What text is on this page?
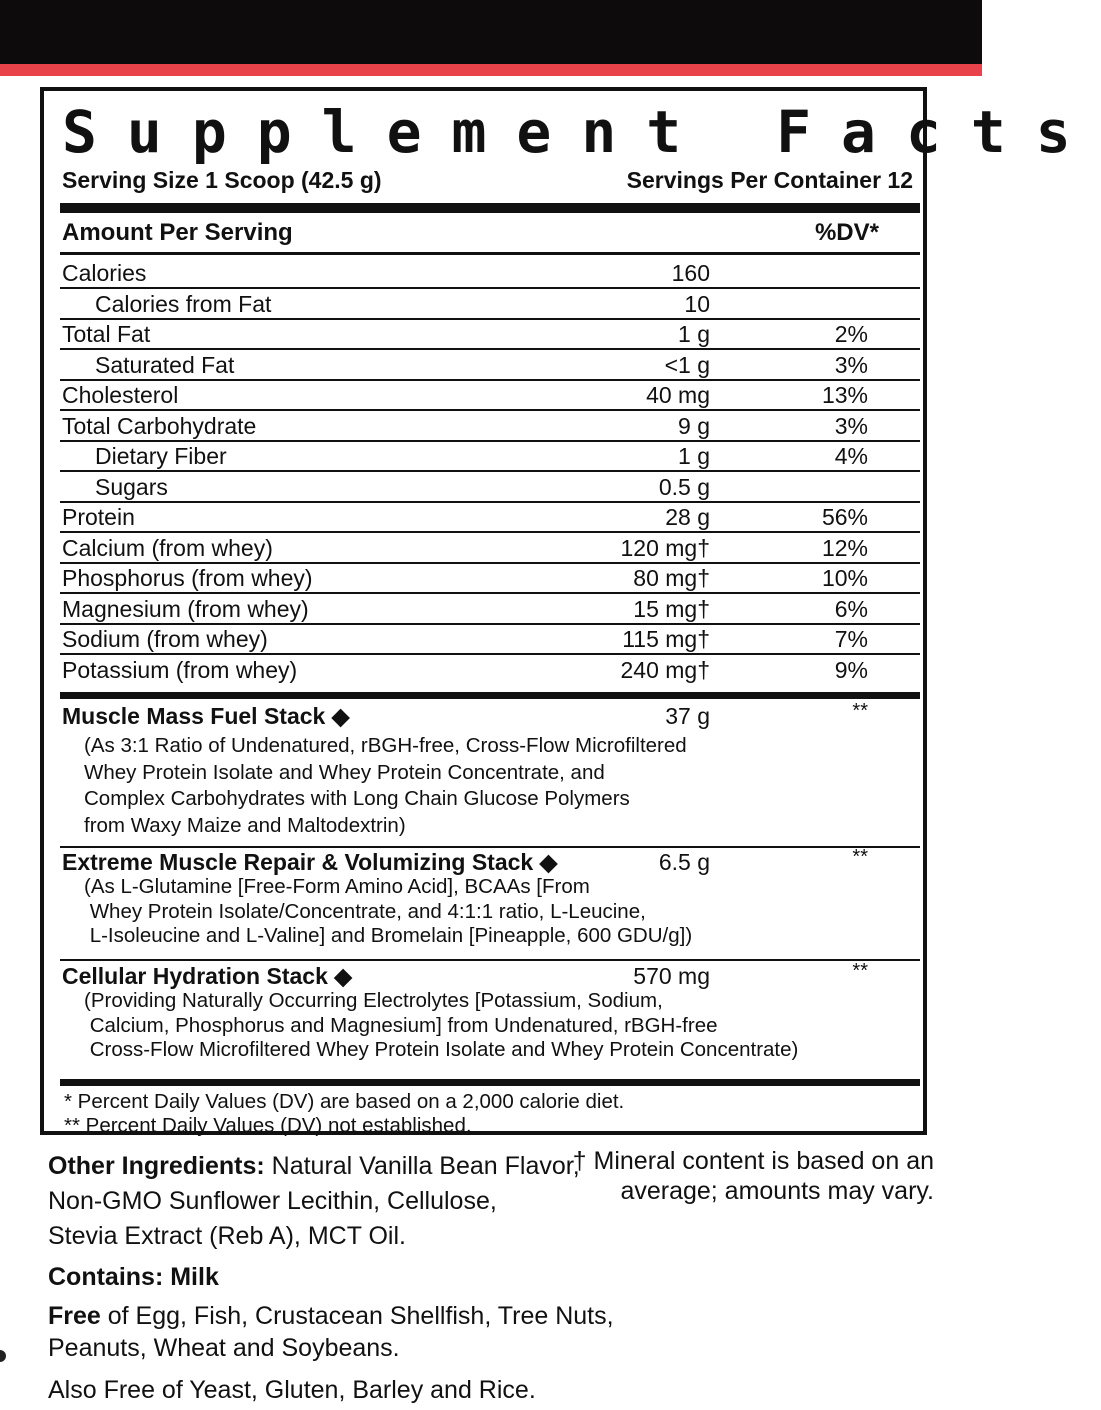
Supplement Facts
Serving Size 1 Scoop (42.5 g)	Servings Per Container 12
Amount Per Serving	%DV*
Calories	160
Calories from Fat	10
Total Fat	1 g	2%
Saturated Fat	<1 g	3%
Cholesterol	40 mg	13%
Total Carbohydrate	9 g	3%
Dietary Fiber	1 g	4%
Sugars	0.5 g
Protein	28 g	56%
Calcium (from whey)	120 mg†	12%
Phosphorus (from whey)	80 mg†	10%
Magnesium (from whey)	15 mg†	6%
Sodium (from whey)	115 mg†	7%
Potassium (from whey)	240 mg†	9%
Muscle Mass Fuel Stack ◆	37 g	**
(As 3:1 Ratio of Undenatured, rBGH-free, Cross-Flow Microfiltered
Whey Protein Isolate and Whey Protein Concentrate, and
Complex Carbohydrates with Long Chain Glucose Polymers
from Waxy Maize and Maltodextrin)
Extreme Muscle Repair & Volumizing Stack ◆	6.5 g	**
(As L-Glutamine [Free-Form Amino Acid], BCAAs [From
Whey Protein Isolate/Concentrate, and 4:1:1 ratio, L-Leucine,
L-Isoleucine and L-Valine] and Bromelain [Pineapple, 600 GDU/g])
Cellular Hydration Stack ◆	570 mg	**
(Providing Naturally Occurring Electrolytes [Potassium, Sodium,
Calcium, Phosphorus and Magnesium] from Undenatured, rBGH-free
Cross-Flow Microfiltered Whey Protein Isolate and Whey Protein Concentrate)
* Percent Daily Values (DV) are based on a 2,000 calorie diet.
** Percent Daily Values (DV) not established.
Other Ingredients: Natural Vanilla Bean Flavor,
Non-GMO Sunflower Lecithin, Cellulose,
Stevia Extract (Reb A), MCT Oil.
Contains: Milk
Free of Egg, Fish, Crustacean Shellfish, Tree Nuts,
Peanuts, Wheat and Soybeans.
Also Free of Yeast, Gluten, Barley and Rice.
† Mineral content is based on an
average; amounts may vary.
